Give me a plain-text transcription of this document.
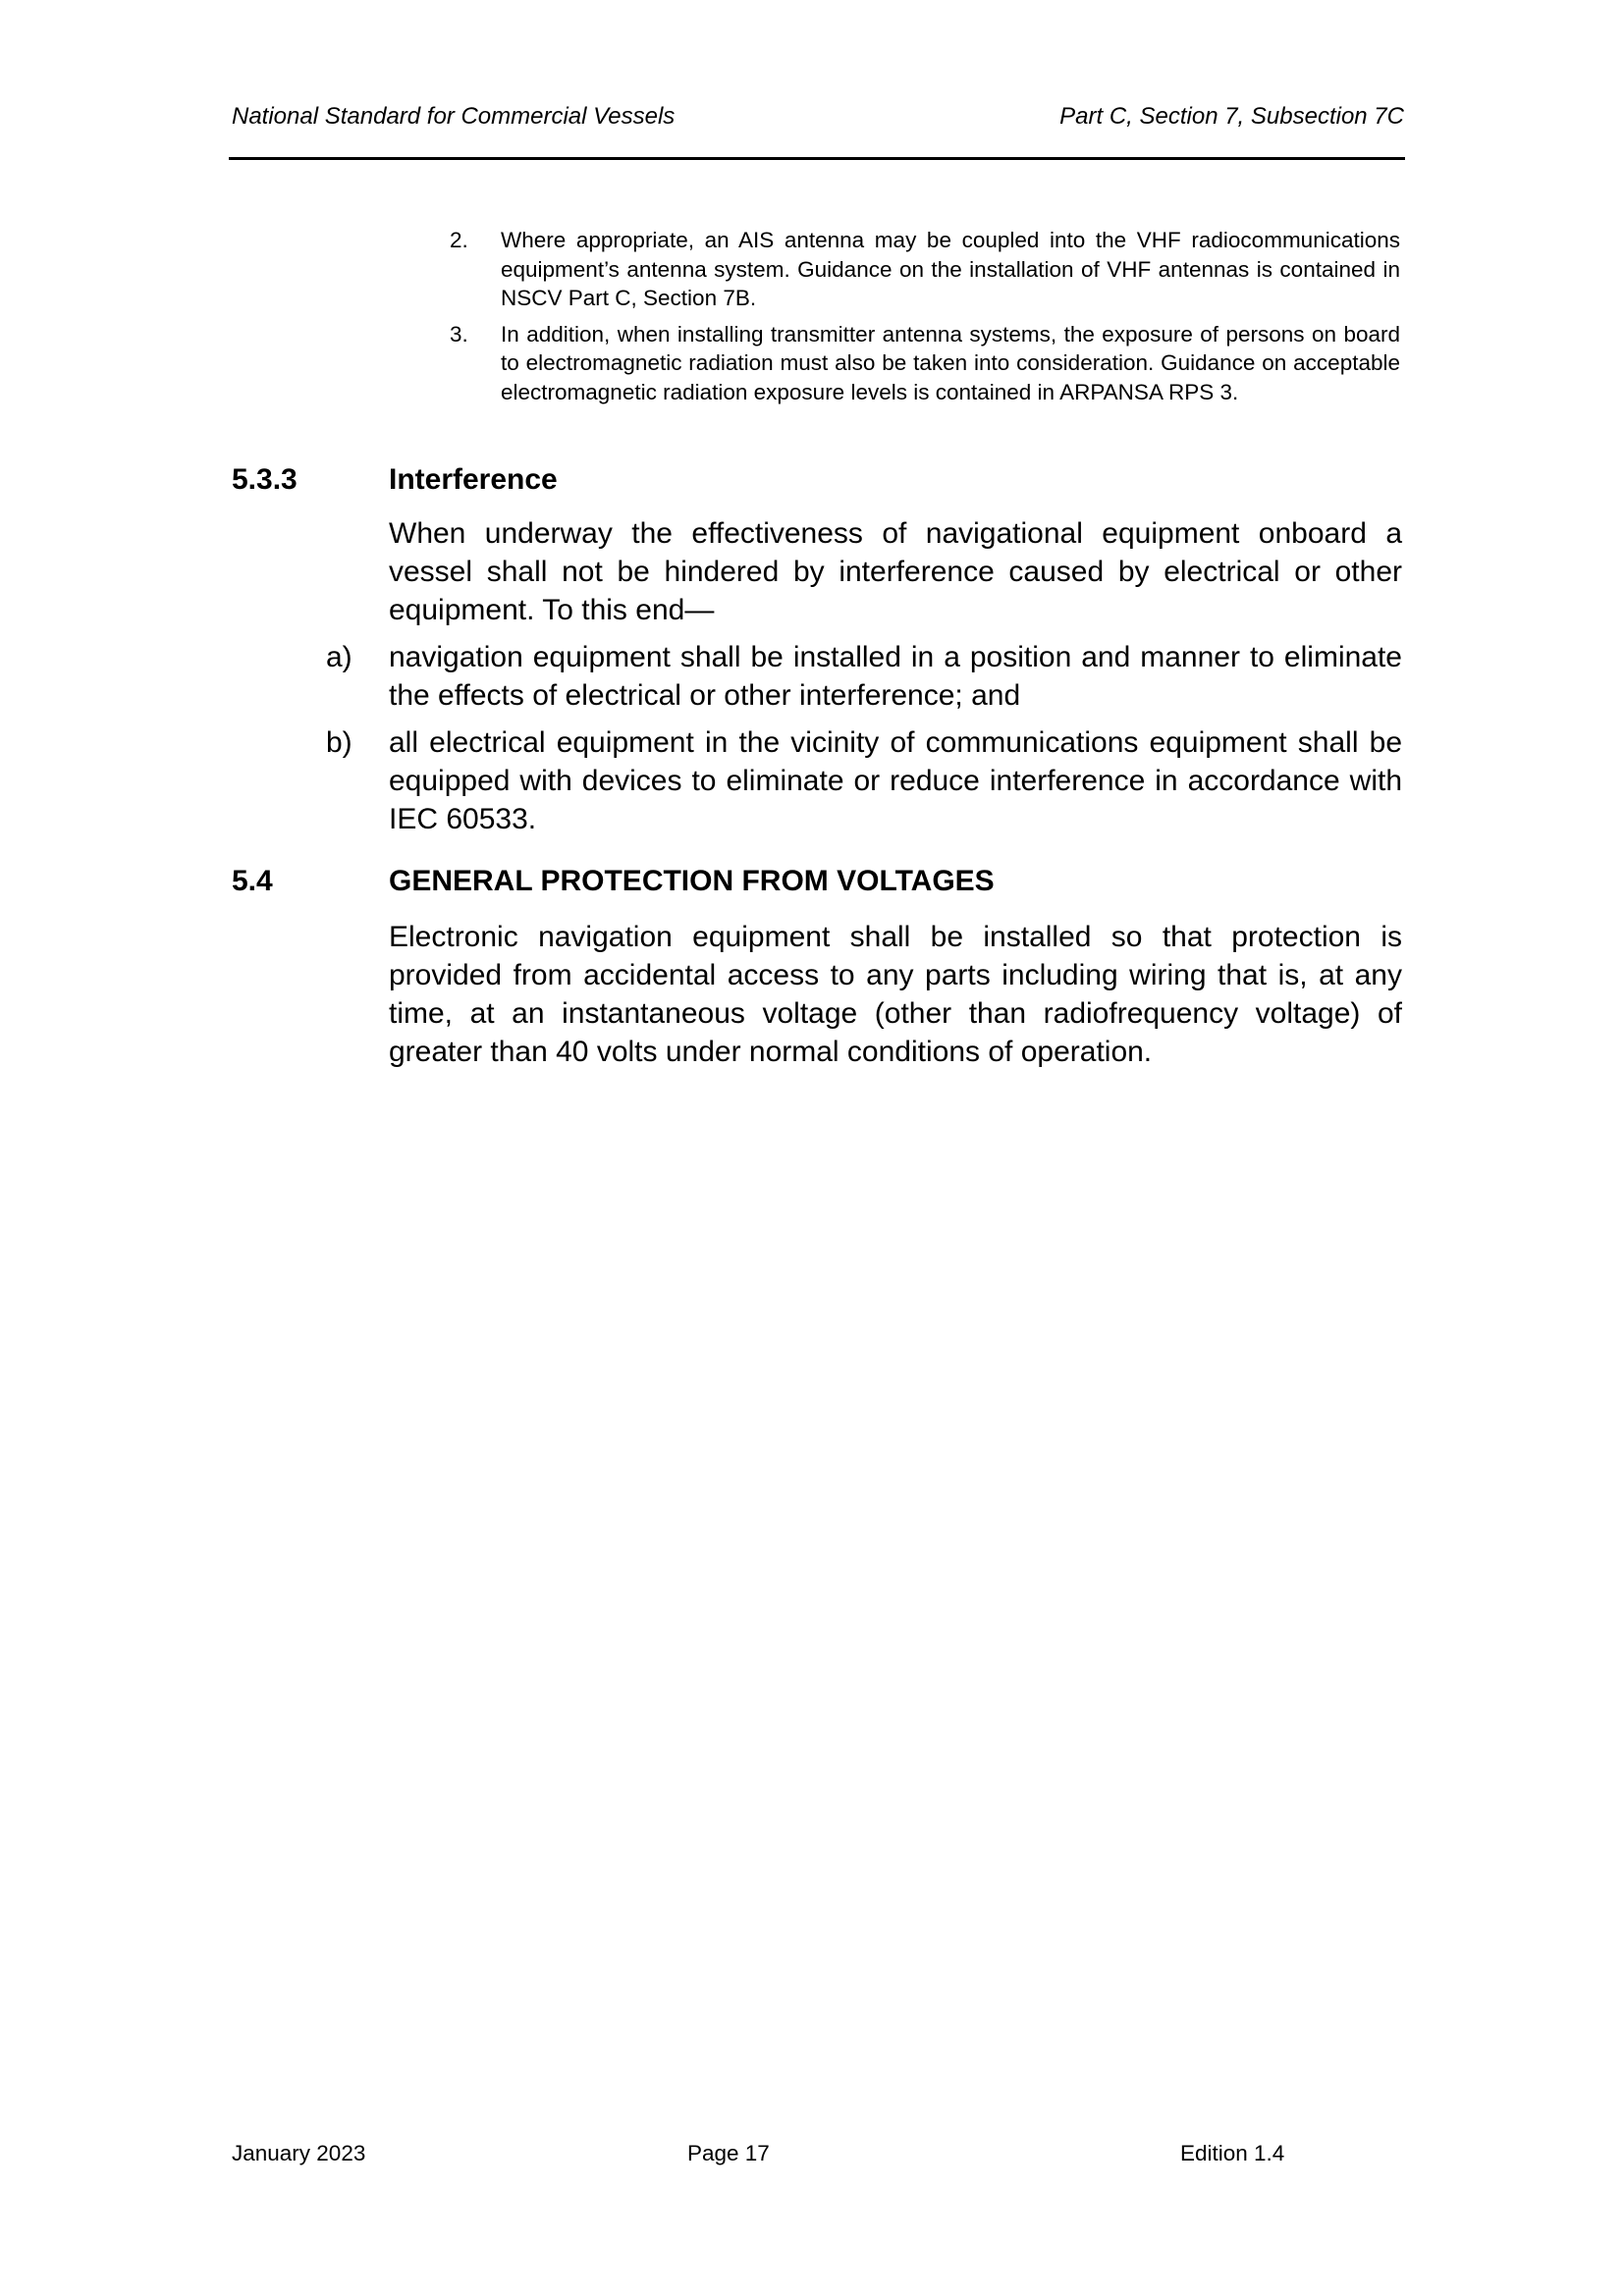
National Standard for Commercial Vessels	Part C, Section 7, Subsection 7C
2. Where appropriate, an AIS antenna may be coupled into the VHF radiocommunications equipment’s antenna system. Guidance on the installation of VHF antennas is contained in NSCV Part C, Section 7B.
3. In addition, when installing transmitter antenna systems, the exposure of persons on board to electromagnetic radiation must also be taken into consideration. Guidance on acceptable electromagnetic radiation exposure levels is contained in ARPANSA RPS 3.
5.3.3	Interference

When underway the effectiveness of navigational equipment onboard a vessel shall not be hindered by interference caused by electrical or other equipment. To this end—

a) navigation equipment shall be installed in a position and manner to eliminate the effects of electrical or other interference; and
b) all electrical equipment in the vicinity of communications equipment shall be equipped with devices to eliminate or reduce interference in accordance with IEC 60533.
5.4	GENERAL PROTECTION FROM VOLTAGES

Electronic navigation equipment shall be installed so that protection is provided from accidental access to any parts including wiring that is, at any time, at an instantaneous voltage (other than radiofrequency voltage) of greater than 40 volts under normal conditions of operation.

January 2023	Page 17	Edition 1.4
